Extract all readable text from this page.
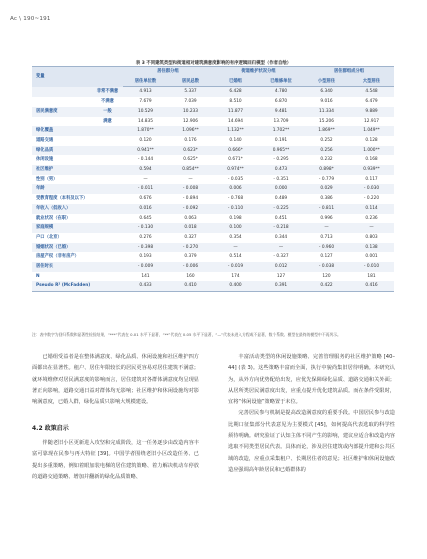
Ac \ 190~191
表 3 不同建筑类型和街道相对建筑满意度影响的有序逻辑回归模型（作者自绘）
变量		居住群分组		街道维护状况分组		居住群组成分组	
		居住单位数	居民总数	已婚组	已维修单位	小型居住	大型居住
	非常不满意	4.913	5.337	6.428	4.780	6.340	4.548
	不满意	7.679	7.039	8.510	6.870	9.016	6.479
居民满意度	一般	10.529	10.233	11.877	9.481	11.334	9.889
	满意	14.835	12.906	14.694	13.709	15.206	12.917
绿化覆盖		1.870**	1.096**	1.132**	1.702**	1.869**	1.049**
道路交通		0.120	0.176	0.140	0.191	0.252	0.128
绿化品质		0.941**	0.623*	0.666*	0.965**	0.256	1.000**
休闲设施		- 0.144	0.625*	0.671*	- 0.295	0.232	0.168
社区维护		0.594	0.854**	0.974**	0.473	0.898*	0.939**
性别（男）		—	—	- 0.035	- 0.351	- 0.779	0.117
年龄		- 0.011	- 0.008	0.006	0.000	0.029	- 0.030
受教育程度（本科及以下）		0.676	- 0.894	- 0.768	0.489	0.386	- 0.220
年收入（低收入）		0.016	- 0.092	- 0.110	- 0.225	- 0.811	0.114
就业状况（在职）		0.645	0.063	0.198	0.451	0.996	0.236
家庭规模		- 0.130	0.018	0.100	- 0.218	—	—
户口（北京）		0.276	0.327	0.354	0.344	0.713	0.803
婚姻状况（已婚）		- 0.398	- 0.270	—	—	- 0.960	0.138
房屋产权（非有房产）		0.193	0.379	0.514	- 0.327	0.127	0.001
居住时长		- 0.009	- 0.006	- 0.019	0.012	- 0.038	- 0.010
N		141	160	174	127	120	181
Pseudo R² (McFadden)		0.433	0.410	0.400	0.391	0.422	0.416
注：表中数字为回归系数和显著性检验结果，“***”代表在 0.01 水平下显著，“**”代表在 0.05 水平下显著，“—”代表未进入方程或不显著，数个系数、模型在最终的模型中不再列示。

已婚组受益者是在整体满意度、绿化品质、休闲设施和社区维护四方面都出在显著性。租户、居住年限较长的居民更容易对居住建筑不满意；就环境维修对居民满意度的影响而言，居住建筑对各群体满意度均呈现显著正向影响，道路交通日益对群体均无影响；社区维护和休闲设施均对影响满意度，已婚人群，绿化品质只影响大规模建设。

4.2 政策启示

伴随老旧小区更新进入攻坚和完成阶段，这一任务逐步由改造内容丰富可靠现在民参与再大特征 [39]。中国学者围绕老旧小区改造任务、已提出多重策略，例如着眼加装电梯的居住建筑策略、着力解决机动车停放的道路交通策略、增加并翻新的绿化品质策略、

丰富活动类型的休闲设施策略、完善管理服务的社区维护策略 [40–44] (表 3)。这些策略丰富而全面，执行中貌尚集旧居待明确。本研究认为，从外方向优势配给出发，应优先保障绿化品质、道路交通和关外面；从居所类居民满意度出发，应重点提升优化建筑品质。而在条件受限时，宜将“休闲设施”策略置于末位。

完善居民参与机制是提高改造满意度的重要手段。中国居民参与改造比期口征集部分代表意见为主要模式 [45]，如何提高代表选取的科学性须待明确。研究验证了认知主体不同产生的影响，建议应适合和改造内容选取不同类型居民代表。具体而论，涉及居住建筑或内部提升建和公共区域的改造，应重点采集租户、长期居住者的意见；社区维护和休闲设施改造应强调高年龄居民和已婚群体的
